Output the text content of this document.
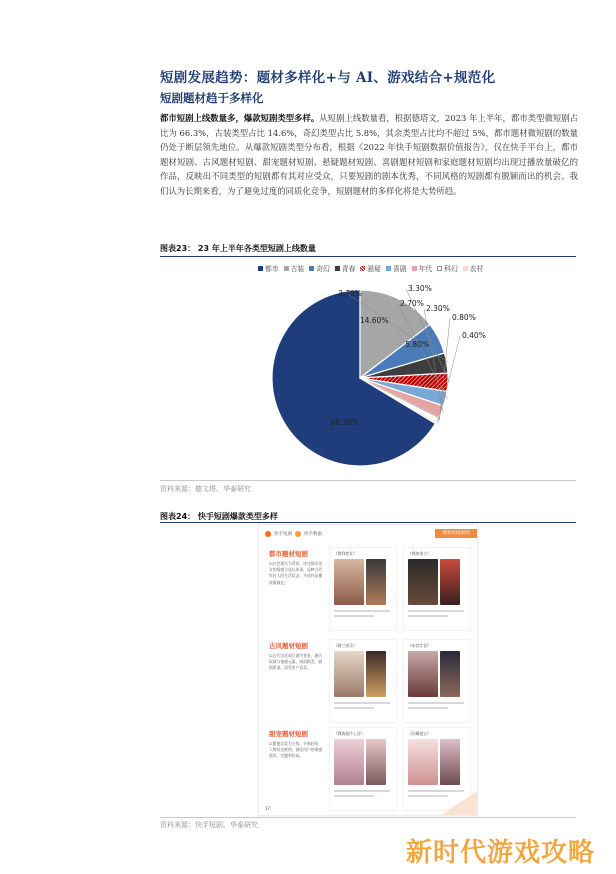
短剧发展趋势：题材多样化+与 AI、游戏结合+规范化
短剧题材趋于多样化
都市短剧上线数量多，爆款短剧类型多样。从短剧上线数量看，根据德塔文，2023 年上半年，都市类型微短剧占比为 66.3%，古装类型占比 14.6%，奇幻类型占比 5.8%，其余类型占比均不超过 5%，都市题材微短剧的数量仍处于断层领先地位。从爆款短剧类型分布看，根据《2022 年快手短剧数据价值报告》，仅在快手平台上，都市题材短剧、古风题材短剧、甜宠题材短剧、悬疑题材短剧、喜剧题材短剧和家庭题材短剧均出现过播放量破亿的作品，反映出不同类型的短剧都有其对应受众，只要短剧的剧本优秀，不同风格的短剧都有脱颖而出的机会。我们认为长期来看，为了避免过度的同质化竞争，短剧题材的多样化将是大势所趋。
图表23： 23 年上半年各类型短剧上线数量
都市 古装 奇幻 青春 悬疑 喜剧 年代 科幻 农村
66.30%
14.60%
5.80%
3.70%
3.30%
2.70%
2.30%
0.80%
0.40%
资料来源：德文塔、华泰研究
图表24： 快手短剧爆款类型多样
快手短剧	快手数据	爆款短剧案例
都市题材短剧
以社会现实为背景，讲述都市男女的情感与成长故事，反映当代年轻人的生活状态，多部作品播放量破亿。
《胜利者女》	《我的金主》
古风题材短剧
以古代宫廷或江湖为背景，融合权谋与情感元素，画面精美，剧情紧凑，深受用户喜爱。
《阿兰夜乐》	《东宫女官》
甜宠题材短剧
以甜蜜恋爱为主线，节奏轻快，人物设定鲜明，满足用户的情感需求，完播率较高。
《我的高冷上司》	《闪婚老公》
17
资料来源：快手短剧、华泰研究
新时代游戏攻略
